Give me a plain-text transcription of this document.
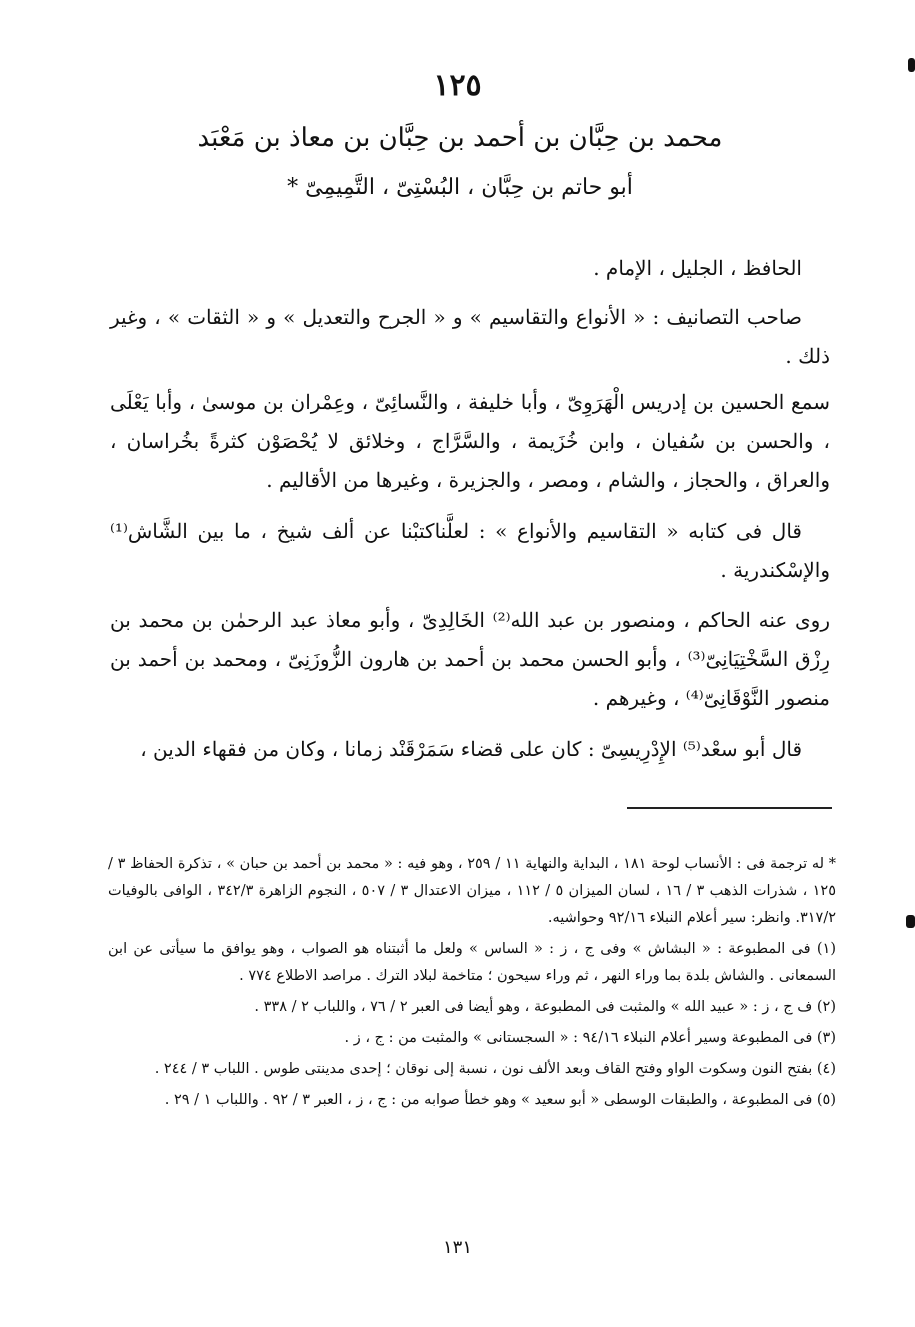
١٢٥
محمد بن حِبَّان بن أحمد بن حِبَّان بن معاذ بن مَعْبَد
أبو حاتم بن حِبَّان ، البُسْتِىّ ، التَّمِيمِىّ *
الحافظ ، الجليل ، الإمام .
صاحب التصانيف : « الأنواع والتقاسيم » و « الجرح والتعديل » و « الثقات » ، وغير ذلك .
سمع الحسين بن إدريس الْهَرَوِىّ ، وأبا خليفة ، والنَّسائِىّ ، وعِمْران بن موسىٰ ، وأبا يَعْلَى ، والحسن بن سُفيان ، وابن خُزَيمة ، والسَّرَّاج ، وخلائق لا يُحْصَوْن كثرةً بخُراسان ، والعراق ، والحجاز ، والشام ، ومصر ، والجزيرة ، وغيرها من الأقاليم .
قال فى كتابه « التقاسيم والأنواع » : لعلَّناكتبْنا عن ألف شيخ ، ما بين الشَّاش⁽¹⁾ والإسْكندرية .
روى عنه الحاكم ، ومنصور بن عبد الله⁽²⁾ الخَالِدِىّ ، وأبو معاذ عبد الرحمٰن بن محمد بن رِزْق السَّخْتِيَانِىّ⁽³⁾ ، وأبو الحسن محمد بن أحمد بن هارون الزُّوزَنِىّ ، ومحمد بن أحمد بن منصور النَّوْقَانِىّ⁽⁴⁾ ، وغيرهم .
قال أبو سعْد⁽⁵⁾ الإِدْرِيسِىّ : كان على قضاء سَمَرْقَنْد زمانا ، وكان من فقهاء الدين ،

* له ترجمة فى : الأنساب لوحة ١٨١ ، البداية والنهاية ١١ / ٢٥٩ ، وهو فيه : « محمد بن أحمد بن حبان » ، تذكرة الحفاظ ٣ / ١٢٥ ، شذرات الذهب ٣ / ١٦ ، لسان الميزان ٥ / ١١٢ ، ميزان الاعتدال ٣ / ٥٠٧ ، النجوم الزاهرة ٣٤٢/٣ ، الوافى بالوفيات ٣١٧/٢. وانظر: سير أعلام النبلاء ٩٢/١٦ وحواشيه.

(١) فى المطبوعة : « البشاش » وفى ج ، ز : « الساس » ولعل ما أثبتناه هو الصواب ، وهو يوافق ما سيأتى عن ابن السمعانى . والشاش بلدة بما وراء النهر ، ثم وراء سيحون ؛ متاخمة لبلاد الترك . مراصد الاطلاع ٧٧٤ .

(٢) ف ج ، ز : « عبيد الله » والمثبت فى المطبوعة ، وهو أيضا فى العبر ٢ / ٧٦ ، واللباب ٢ / ٣٣٨ .

(٣) فى المطبوعة وسير أعلام النبلاء ٩٤/١٦ : « السجستانى » والمثبت من : ج ، ز .

(٤) بفتح النون وسكوت الواو وفتح القاف وبعد الألف نون ، نسبة إلى نوقان ؛ إحدى مدينتى طوس . اللباب ٣ / ٢٤٤ .

(٥) فى المطبوعة ، والطبقات الوسطى « أبو سعيد » وهو خطأ صوابه من : ج ، ز ، العبر ٣ / ٩٢ . واللباب ١ / ٢٩ .

١٣١
